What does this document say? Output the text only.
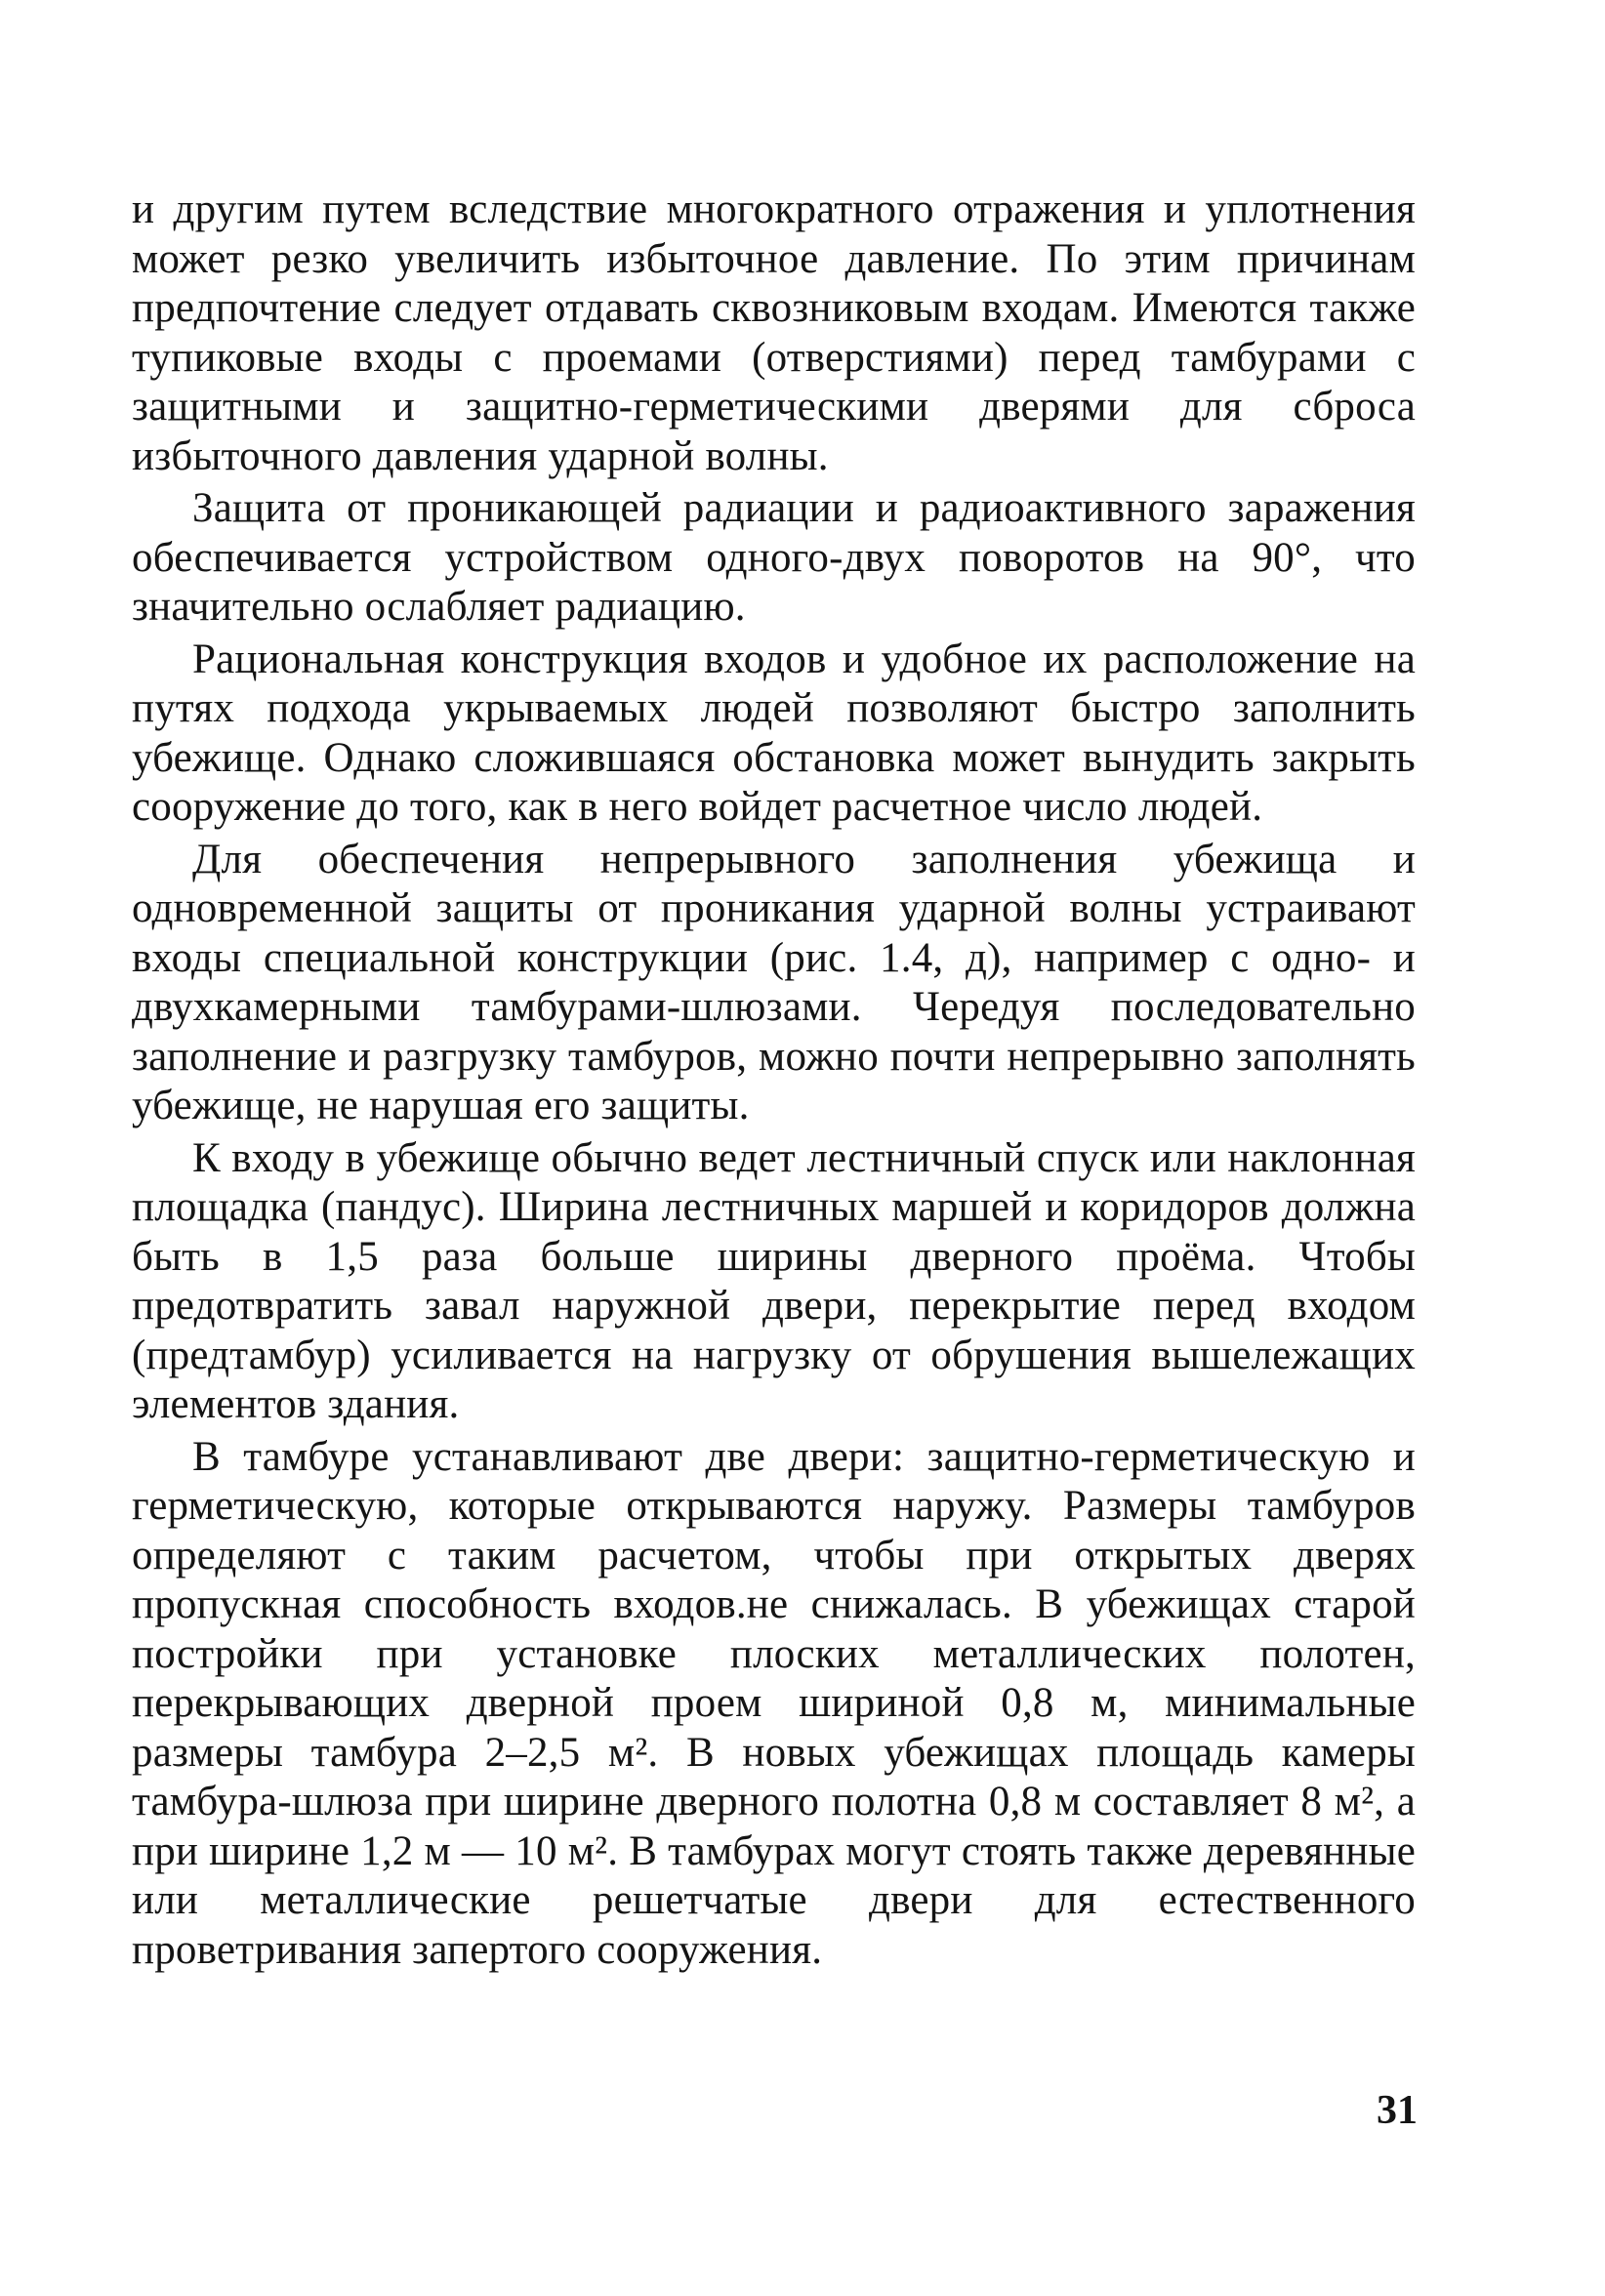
и другим путем вследствие многократного отражения и уплотнения может резко увеличить избыточное давление. По этим причинам предпочтение следует отдавать сквозниковым входам. Имеются также тупиковые входы с проемами (отверстиями) перед тамбурами с защитными и защитно-герметическими дверями для сброса избыточного давления ударной волны.

Защита от проникающей радиации и радиоактивного заражения обеспечивается устройством одного-двух поворотов на 90°, что значительно ослабляет радиацию.

Рациональная конструкция входов и удобное их расположение на путях подхода укрываемых людей позволяют быстро заполнить убежище. Однако сложившаяся обстановка может вынудить закрыть сооружение до того, как в него войдет расчетное число людей.

Для обеспечения непрерывного заполнения убежища и одновременной защиты от проникания ударной волны устраивают входы специальной конструкции (рис. 1.4, д), например с одно- и двухкамерными тамбурами-шлюзами. Чередуя последовательно заполнение и разгрузку тамбуров, можно почти непрерывно заполнять убежище, не нарушая его защиты.

К входу в убежище обычно ведет лестничный спуск или наклонная площадка (пандус). Ширина лестничных маршей и коридоров должна быть в 1,5 раза больше ширины дверного проёма. Чтобы предотвратить завал наружной двери, перекрытие перед входом (предтамбур) усиливается на нагрузку от обрушения вышележащих элементов здания.

В тамбуре устанавливают две двери: защитно-герметическую и герметическую, которые открываются наружу. Размеры тамбуров определяют с таким расчетом, чтобы при открытых дверях пропускная способность входов.не снижалась. В убежищах старой постройки при установке плоских металлических полотен, перекрывающих дверной проем шириной 0,8 м, минимальные размеры тамбура 2–2,5 м². В новых убежищах площадь камеры тамбура-шлюза при ширине дверного полотна 0,8 м составляет 8 м², а при ширине 1,2 м — 10 м². В тамбурах могут стоять также деревянные или металлические решетчатые двери для естественного проветривания запертого сооружения.

31
